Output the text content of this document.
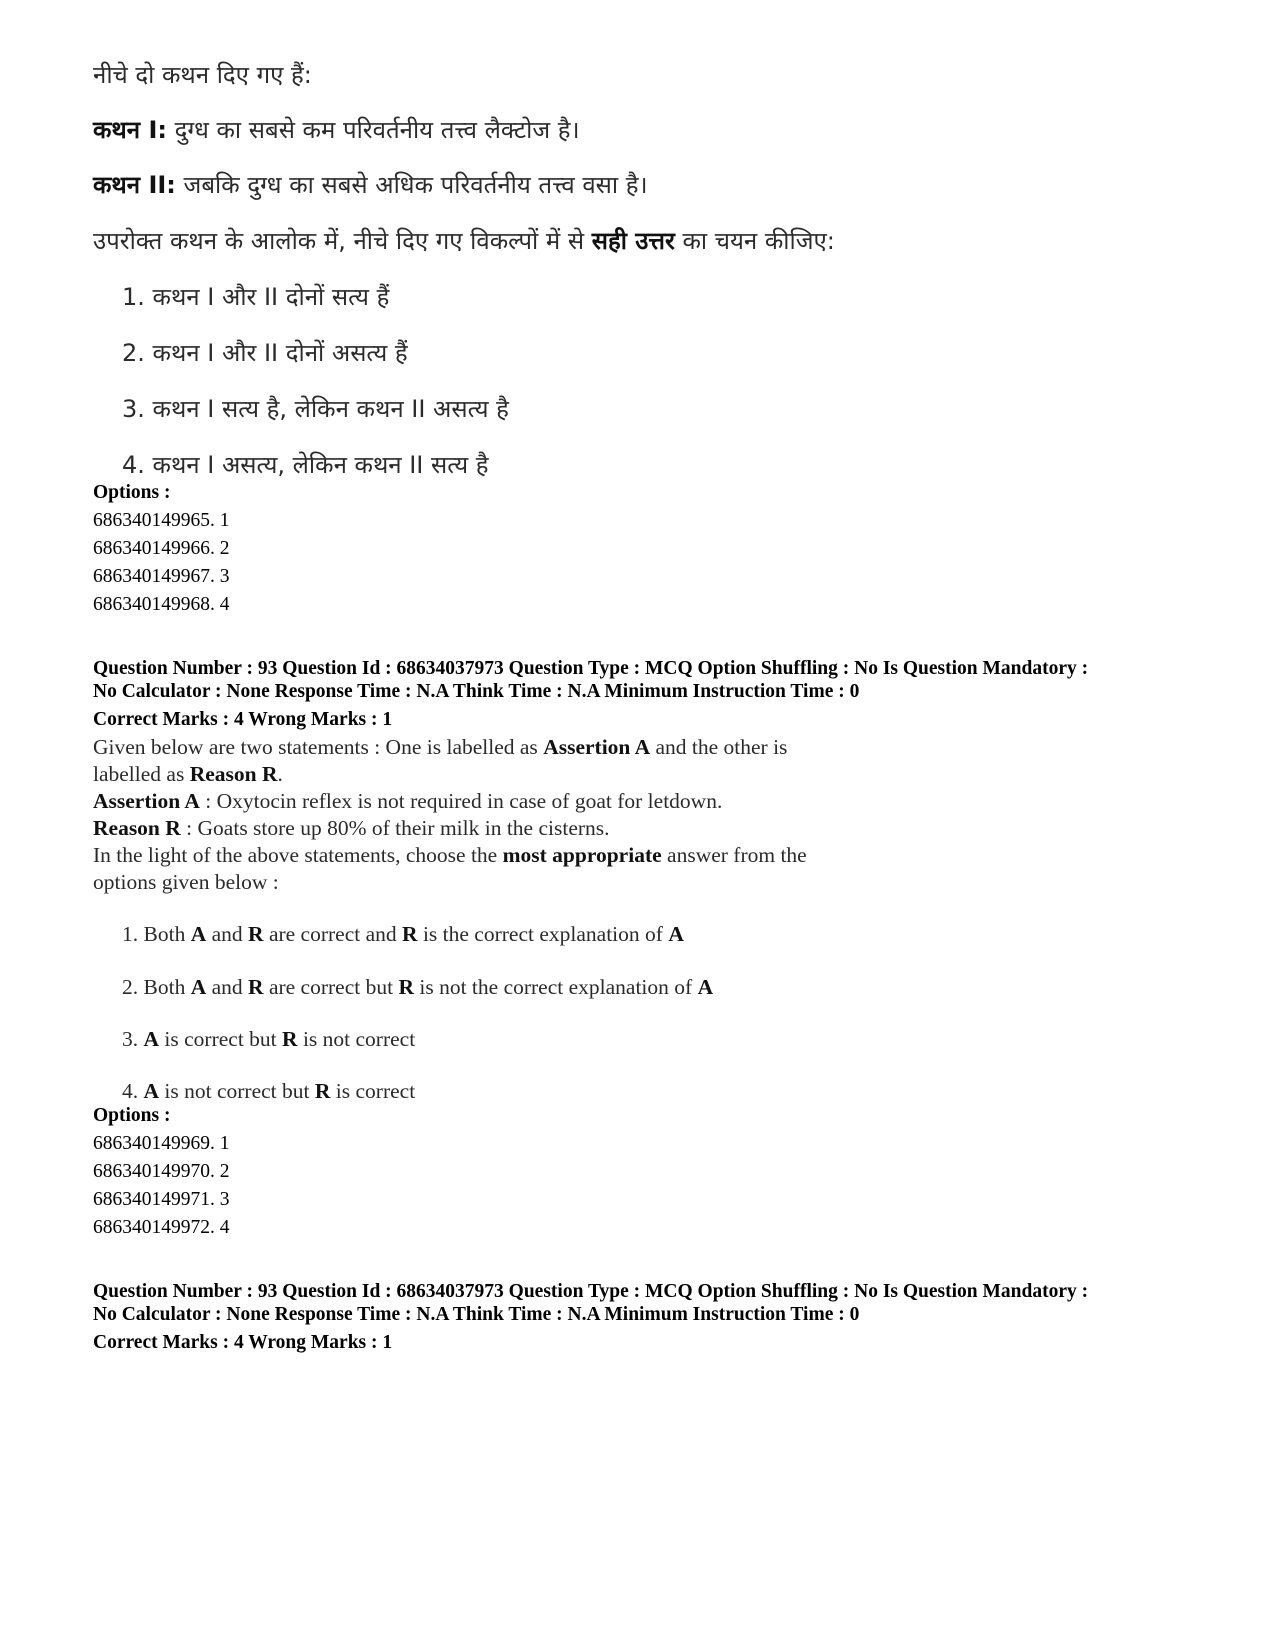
नीचे दो कथन दिए गए हैं:
कथन I: दुग्ध का सबसे कम परिवर्तनीय तत्त्व लैक्टोज है।
कथन II: जबकि दुग्ध का सबसे अधिक परिवर्तनीय तत्त्व वसा है।
उपरोक्त कथन के आलोक में, नीचे दिए गए विकल्पों में से सही उत्तर का चयन कीजिए:
1. कथन I और II दोनों सत्य हैं
2. कथन I और II दोनों असत्य हैं
3. कथन I सत्य है, लेकिन कथन II असत्य है
4. कथन I असत्य, लेकिन कथन II सत्य है
Options :
686340149965. 1
686340149966. 2
686340149967. 3
686340149968. 4
Question Number : 93 Question Id : 68634037973 Question Type : MCQ Option Shuffling : No Is Question Mandatory :
No Calculator : None Response Time : N.A Think Time : N.A Minimum Instruction Time : 0
Correct Marks : 4 Wrong Marks : 1
Given below are two statements : One is labelled as Assertion A and the other is
labelled as Reason R.
Assertion A : Oxytocin reflex is not required in case of goat for letdown.
Reason R : Goats store up 80% of their milk in the cisterns.
In the light of the above statements, choose the most appropriate answer from the
options given below :
1. Both A and R are correct and R is the correct explanation of A
2. Both A and R are correct but R is not the correct explanation of A
3. A is correct but R is not correct
4. A is not correct but R is correct
Options :
686340149969. 1
686340149970. 2
686340149971. 3
686340149972. 4
Question Number : 93 Question Id : 68634037973 Question Type : MCQ Option Shuffling : No Is Question Mandatory :
No Calculator : None Response Time : N.A Think Time : N.A Minimum Instruction Time : 0
Correct Marks : 4 Wrong Marks : 1
